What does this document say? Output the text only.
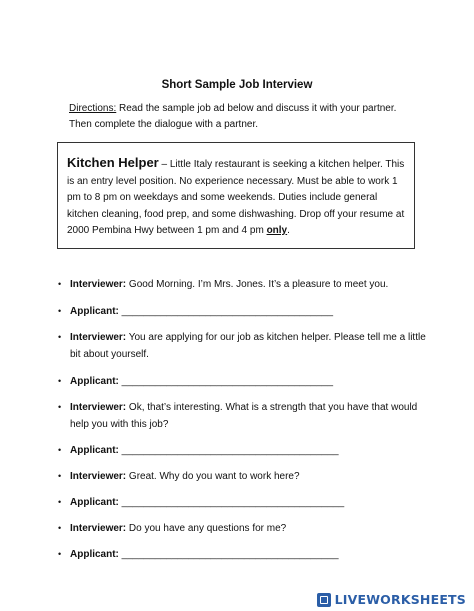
Short Sample Job Interview
Directions: Read the sample job ad below and discuss it with your partner. Then complete the dialogue with a partner.
Kitchen Helper – Little Italy restaurant is seeking a kitchen helper. This is an entry level position. No experience necessary. Must be able to work 1 pm to 8 pm on weekdays and some weekends. Duties include general kitchen cleaning, food prep, and some dishwashing. Drop off your resume at 2000 Pembina Hwy between 1 pm and 4 pm only.
• Interviewer: Good Morning. I’m Mrs. Jones. It’s a pleasure to meet you.
• Applicant: ______________________________________
• Interviewer: You are applying for our job as kitchen helper. Please tell me a little bit about yourself.
• Applicant: ______________________________________
• Interviewer: Ok, that’s interesting. What is a strength that you have that would help you with this job?
• Applicant: _______________________________________
• Interviewer: Great. Why do you want to work here?
• Applicant: ________________________________________
• Interviewer: Do you have any questions for me?
• Applicant: _______________________________________
LIVEWORKSHEETS
